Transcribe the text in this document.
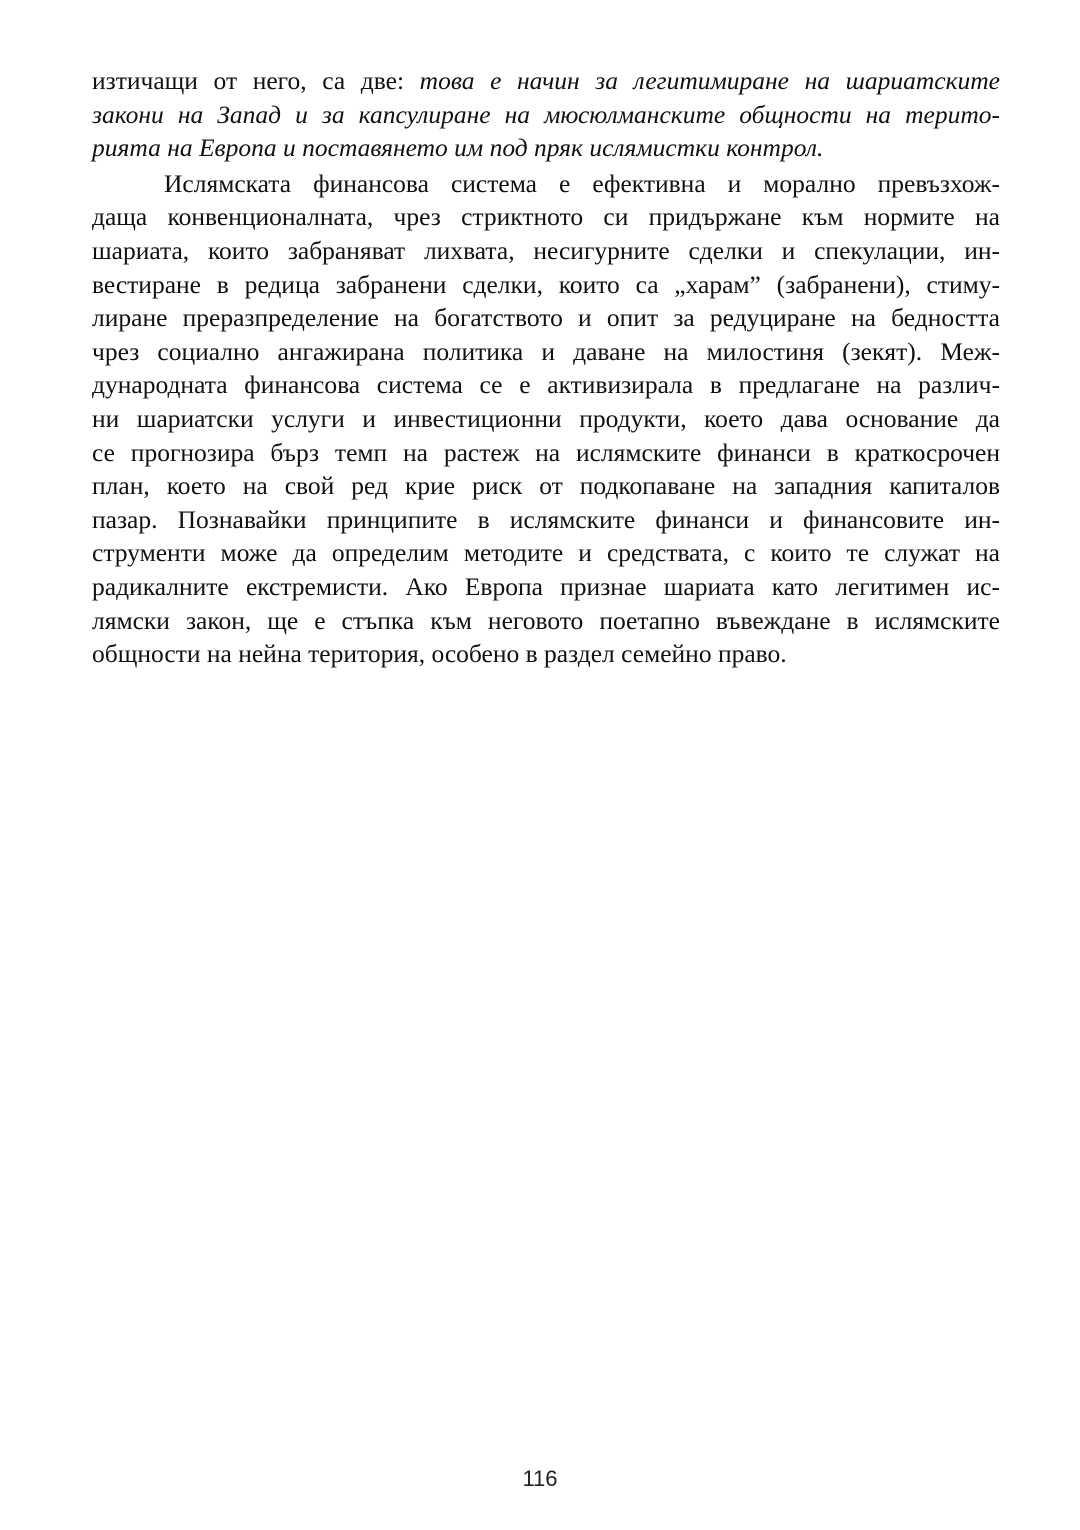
изтичащи от него, са две: това е начин за легитимиране на шариатските
закони на Запад и за капсулиране на мюсюлманските общности на терито-
рията на Европа и поставянето им под пряк ислямистки контрол.
Ислямската финансова система е ефективна и морално превъзхож-
даща конвенционалната, чрез стриктното си придържане към нормите на
шариата, които забраняват лихвата, несигурните сделки и спекулации, ин-
вестиране в редица забранени сделки, които са „харам” (забранени), стиму-
лиране преразпределение на богатството и опит за редуциране на бедността
чрез социално ангажирана политика и даване на милостиня (зекят). Меж-
дународната финансова система се е активизирала в предлагане на различ-
ни шариатски услуги и инвестиционни продукти, което дава основание да
се прогнозира бърз темп на растеж на ислямските финанси в краткосрочен
план, което на свой ред крие риск от подкопаване на западния капиталов
пазар. Познавайки принципите в ислямските финанси и финансовите ин-
струменти може да определим методите и средствата, с които те служат на
радикалните екстремисти. Ако Европа признае шариата като легитимен ис-
лямски закон, ще е стъпка към неговото поетапно въвеждане в ислямските
общности на нейна територия, особено в раздел семейно право.
116
